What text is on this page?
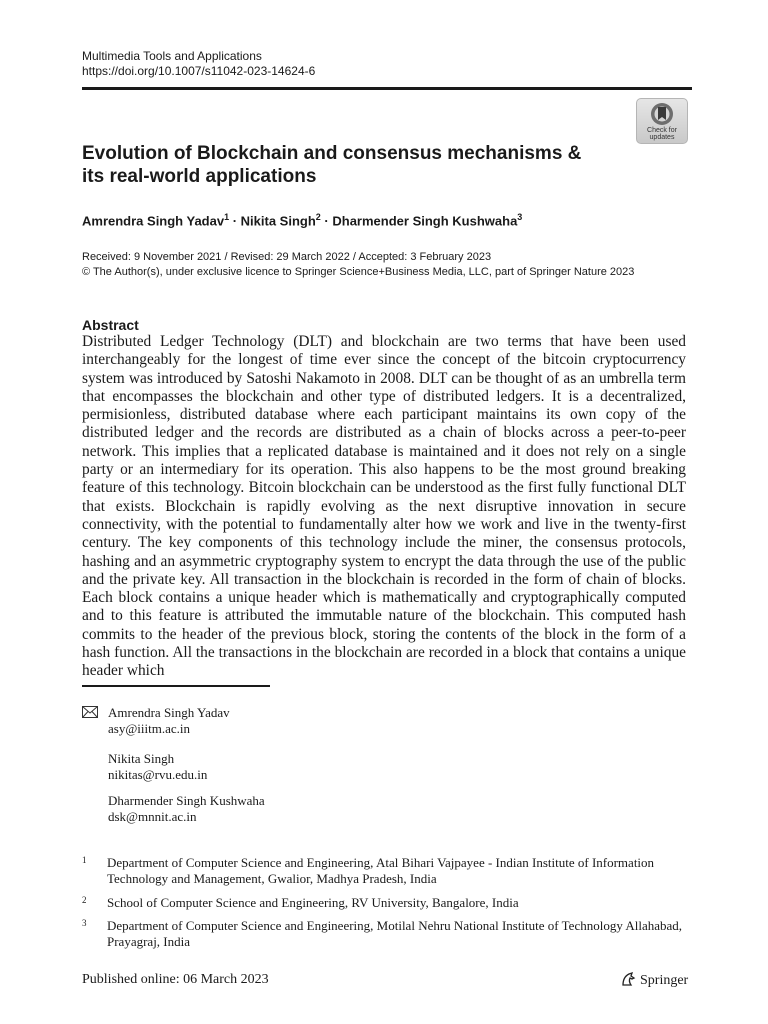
Multimedia Tools and Applications
https://doi.org/10.1007/s11042-023-14624-6
Check for
updates
Evolution of Blockchain and consensus mechanisms &
its real-world applications
Amrendra Singh Yadav$^1$ · Nikita Singh$^2$ · Dharmender Singh Kushwaha$^3$
Received: 9 November 2021 / Revised: 29 March 2022 / Accepted: 3 February 2023
© The Author(s), under exclusive licence to Springer Science+Business Media, LLC, part of Springer Nature 2023
Abstract

Distributed Ledger Technology (DLT) and blockchain are two terms that have been used interchangeably for the longest of time ever since the concept of the bitcoin cryptocurrency system was introduced by Satoshi Nakamoto in 2008. DLT can be thought of as an umbrella term that encompasses the blockchain and other type of distributed ledgers. It is a decentralized, permisionless, distributed database where each participant maintains its own copy of the distributed ledger and the records are distributed as a chain of blocks across a peer-to-peer network. This implies that a replicated database is maintained and it does not rely on a single party or an intermediary for its operation. This also happens to be the most ground breaking feature of this technology. Bitcoin blockchain can be understood as the first fully functional DLT that exists. Blockchain is rapidly evolving as the next disruptive innovation in secure connectivity, with the potential to fundamentally alter how we work and live in the twenty-first century. The key components of this technology include the miner, the consensus protocols, hashing and an asymmetric cryptography system to encrypt the data through the use of the public and the private key. All transaction in the blockchain is recorded in the form of chain of blocks. Each block contains a unique header which is mathematically and cryptographically computed and to this feature is attributed the immutable nature of the blockchain. This computed hash commits to the header of the previous block, storing the contents of the block in the form of a hash function. All the transactions in the blockchain are recorded in a block that contains a unique header which

Amrendra Singh Yadav
asy@iiitm.ac.in
Nikita Singh
nikitas@rvu.edu.in
Dharmender Singh Kushwaha
dsk@mnnit.ac.in
1 Department of Computer Science and Engineering, Atal Bihari Vajpayee - Indian Institute of Information Technology and Management, Gwalior, Madhya Pradesh, India
2 School of Computer Science and Engineering, RV University, Bangalore, India
3 Department of Computer Science and Engineering, Motilal Nehru National Institute of Technology Allahabad, Prayagraj, India
Published online: 06 March 2023	Springer
